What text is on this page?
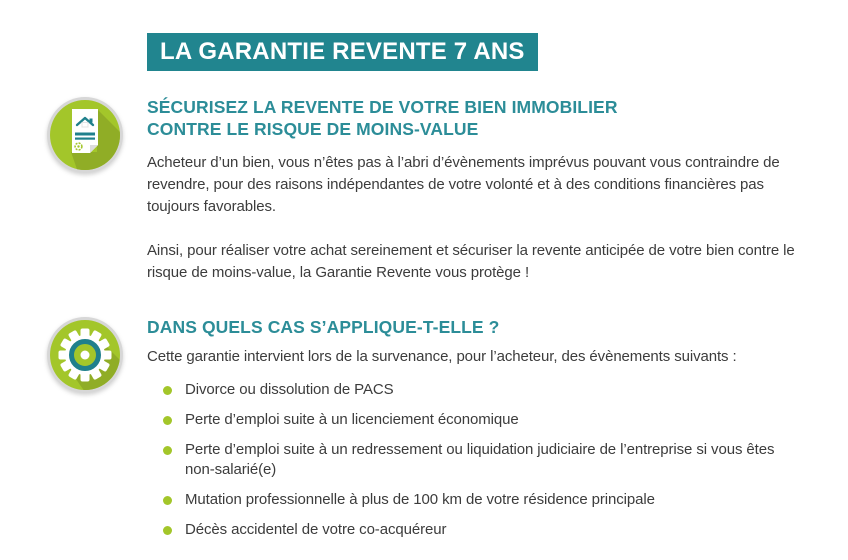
LA GARANTIE REVENTE 7 ANS
SÉCURISEZ LA REVENTE DE VOTRE BIEN IMMOBILIER
CONTRE LE RISQUE DE MOINS-VALUE

Acheteur d’un bien, vous n’êtes pas à l’abri d’évènements imprévus pouvant vous contraindre de revendre, pour des raisons indépendantes de votre volonté et à des conditions financières pas toujours favorables.

Ainsi, pour réaliser votre achat sereinement et sécuriser la revente anticipée de votre bien contre le risque de moins-value, la Garantie Revente vous protège !

DANS QUELS CAS S’APPLIQUE-T-ELLE ?

Cette garantie intervient lors de la survenance, pour l’acheteur, des évènements suivants :

Divorce ou dissolution de PACS
Perte d’emploi suite à un licenciement économique
Perte d’emploi suite à un redressement ou liquidation judiciaire de l’entreprise si vous êtes non-salarié(e)
Mutation professionnelle à plus de 100 km de votre résidence principale
Décès accidentel de votre co-acquéreur
